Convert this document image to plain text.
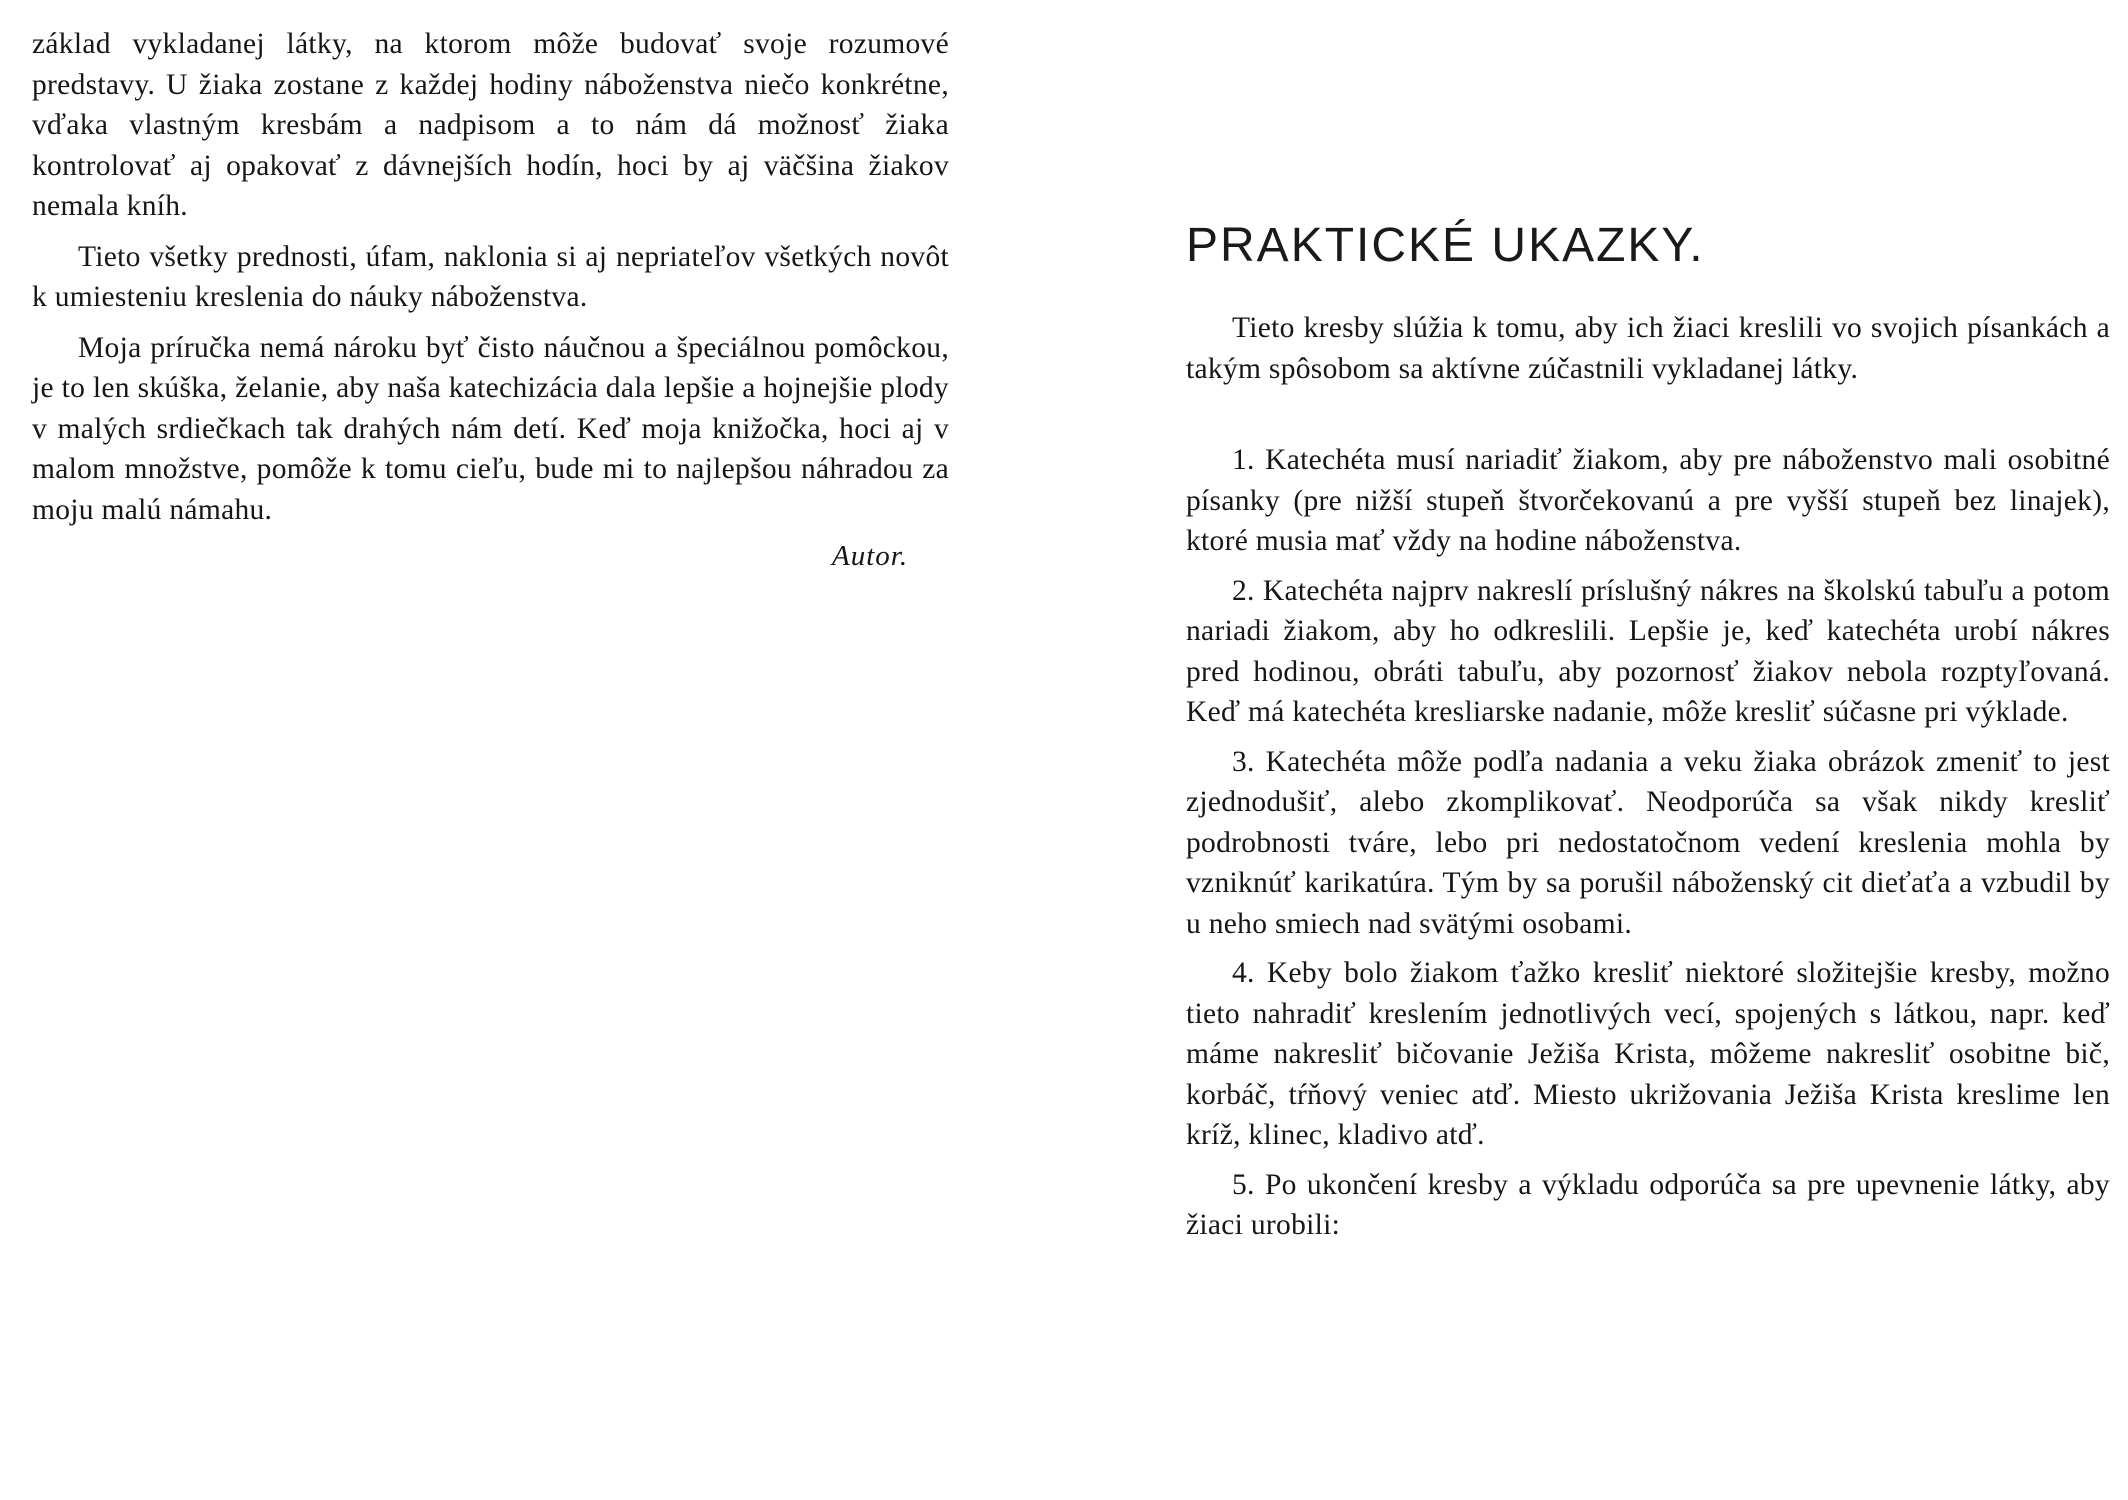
základ vykladanej látky, na ktorom môže budovať svoje rozumové predstavy. U žiaka zostane z každej hodiny náboženstva niečo konkrétne, vďaka vlastným kresbám a nadpisom a to nám dá možnosť žiaka kontrolovať aj opakovať z dávnejších hodín, hoci by aj väčšina žiakov nemala kníh.

Tieto všetky prednosti, úfam, naklonia si aj nepriateľov všetkých novôt k umiesteniu kreslenia do náuky náboženstva.

Moja príručka nemá nároku byť čisto náučnou a špeciálnou pomôckou, je to len skúška, želanie, aby naša katechizácia dala lepšie a hojnejšie plody v malých srdiečkach tak drahých nám detí. Keď moja knižočka, hoci aj v malom množstve, pomôže k tomu cieľu, bude mi to najlepšou náhradou za moju malú námahu.

Autor.
PRAKTICKÉ UKAZKY.

Tieto kresby slúžia k tomu, aby ich žiaci kreslili vo svojich písankách a takým spôsobom sa aktívne zúčastnili vykladanej látky.

1. Katechéta musí nariadiť žiakom, aby pre náboženstvo mali osobitné písanky (pre nižší stupeň štvorčekovanú a pre vyšší stupeň bez linajek), ktoré musia mať vždy na hodine náboženstva.

2. Katechéta najprv nakreslí príslušný nákres na školskú tabuľu a potom nariadi žiakom, aby ho odkreslili. Lepšie je, keď katechéta urobí nákres pred hodinou, obráti tabuľu, aby pozornosť žiakov nebola rozptyľovaná. Keď má katechéta kresliarske nadanie, môže kresliť súčasne pri výklade.

3. Katechéta môže podľa nadania a veku žiaka obrázok zmeniť to jest zjednodušiť, alebo zkomplikovať. Neodporúča sa však nikdy kresliť podrobnosti tváre, lebo pri nedostatočnom vedení kreslenia mohla by vzniknúť karikatúra. Tým by sa porušil náboženský cit dieťaťa a vzbudil by u neho smiech nad svätými osobami.

4. Keby bolo žiakom ťažko kresliť niektoré složitejšie kresby, možno tieto nahradiť kreslením jednotlivých vecí, spojených s látkou, napr. keď máme nakresliť bičovanie Ježiša Krista, môžeme nakresliť osobitne bič, korbáč, tŕňový veniec atď. Miesto ukrižovania Ježiša Krista kreslime len kríž, klinec, kladivo atď.

5. Po ukončení kresby a výkladu odporúča sa pre upevnenie látky, aby žiaci urobili:
